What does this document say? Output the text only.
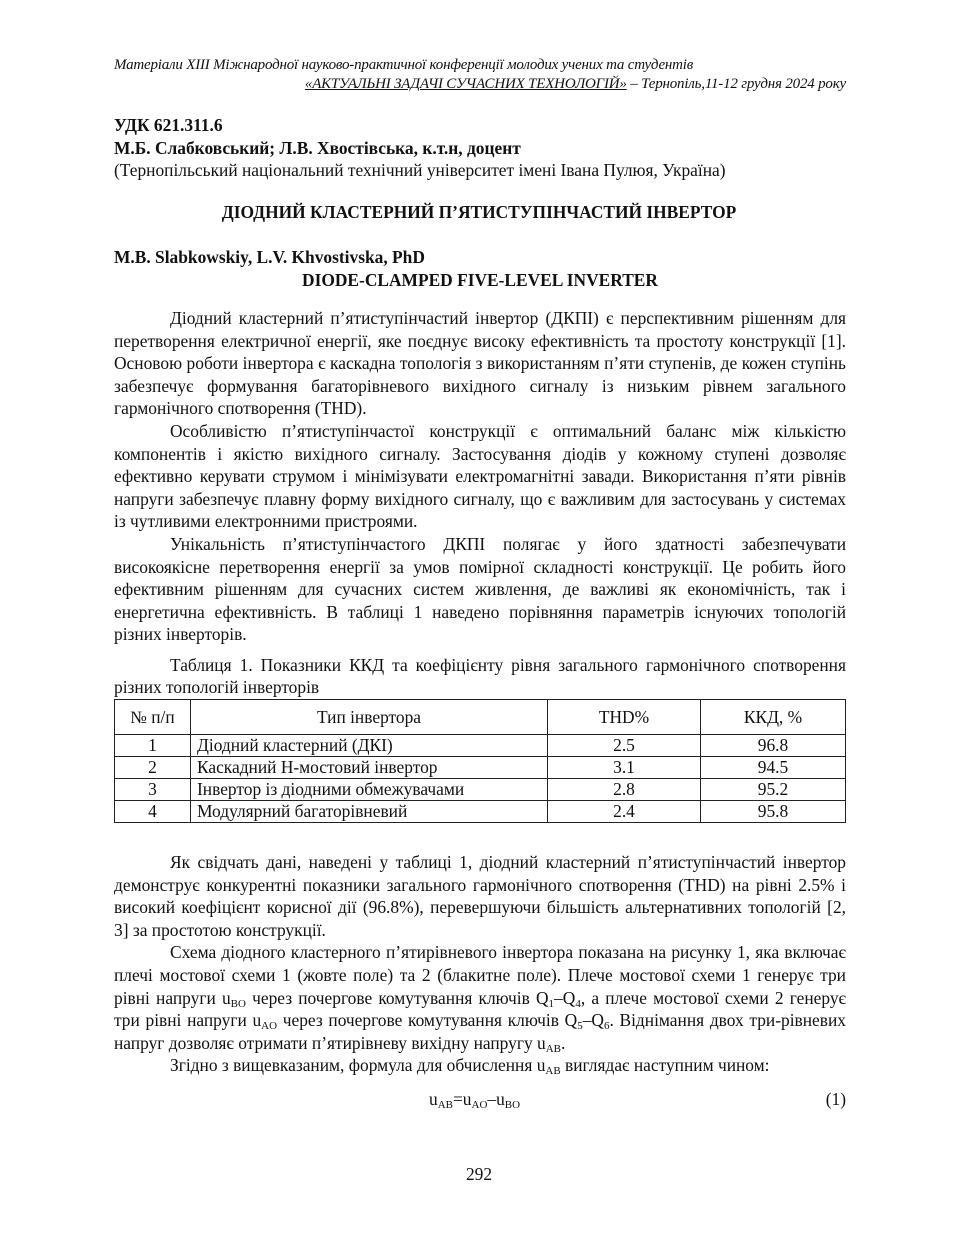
Матеріали XIII Міжнародної науково-практичної конференції молодих учених та студентів
«АКТУАЛЬНІ ЗАДАЧІ СУЧАСНИХ ТЕХНОЛОГІЙ» – Тернопіль,11-12 грудня 2024 року
УДК 621.311.6
М.Б. Слабковський; Л.В. Хвостівська, к.т.н, доцент
(Тернопільський національний технічний університет імені Івана Пулюя, Україна)
ДІОДНИЙ КЛАСТЕРНИЙ П’ЯТИСТУПІНЧАСТИЙ ІНВЕРТОР
M.B. Slabkowskiy, L.V. Khvostivska, PhD
DIODE-CLAMPED FIVE-LEVEL INVERTER

Діодний кластерний п’ятиступінчастий інвертор (ДКПІ) є перспективним рішенням для перетворення електричної енергії, яке поєднує високу ефективність та простоту конструкції [1]. Основою роботи інвертора є каскадна топологія з використанням п’яти ступенів, де кожен ступінь забезпечує формування багаторівневого вихідного сигналу із низьким рівнем загального гармонічного спотворення (THD).

Особливістю п’ятиступінчастої конструкції є оптимальний баланс між кількістю компонентів і якістю вихідного сигналу. Застосування діодів у кожному ступені дозволяє ефективно керувати струмом і мінімізувати електромагнітні завади. Використання п’яти рівнів напруги забезпечує плавну форму вихідного сигналу, що є важливим для застосувань у системах із чутливими електронними пристроями.

Унікальність п’ятиступінчастого ДКПІ полягає у його здатності забезпечувати високоякісне перетворення енергії за умов помірної складності конструкції. Це робить його ефективним рішенням для сучасних систем живлення, де важливі як економічність, так і енергетична ефективність. В таблиці 1 наведено порівняння параметрів існуючих топологій різних інверторів.

Таблиця 1. Показники ККД та коефіцієнту рівня загального гармонічного спотворення різних топологій інверторів

№ п/п	Тип інвертора	THD%	ККД, %
1	Діодний кластерний (ДКІ)	2.5	96.8
2	Каскадний H-мостовий інвертор	3.1	94.5
3	Інвертор із діодними обмежувачами	2.8	95.2
4	Модулярний багаторівневий	2.4	95.8

Як свідчать дані, наведені у таблиці 1, діодний кластерний п’ятиступінчастий інвертор демонструє конкурентні показники загального гармонічного спотворення (THD) на рівні 2.5% і високий коефіцієнт корисної дії (96.8%), перевершуючи більшість альтернативних топологій [2, 3] за простотою конструкції.

Схема діодного кластерного п’ятирівневого інвертора показана на рисунку 1, яка включає плечі мостової схеми 1 (жовте поле) та 2 (блакитне поле). Плече мостової схеми 1 генерує три рівні напруги $u_{BO}$ через почергове комутування ключів $Q_1-Q_4$, а плече мостової схеми 2 генерує три рівні напруги $u_{AO}$ через почергове комутування ключів $Q_5-Q_6$. Віднімання двох три-рівневих напруг дозволяє отримати п’ятирівневу вихідну напругу $u_{AB}$.

Згідно з вищевказаним, формула для обчислення $u_{AB}$ виглядає наступним чином:

$u_{AB}=u_{AO}-u_{BO}$	(1)
292
